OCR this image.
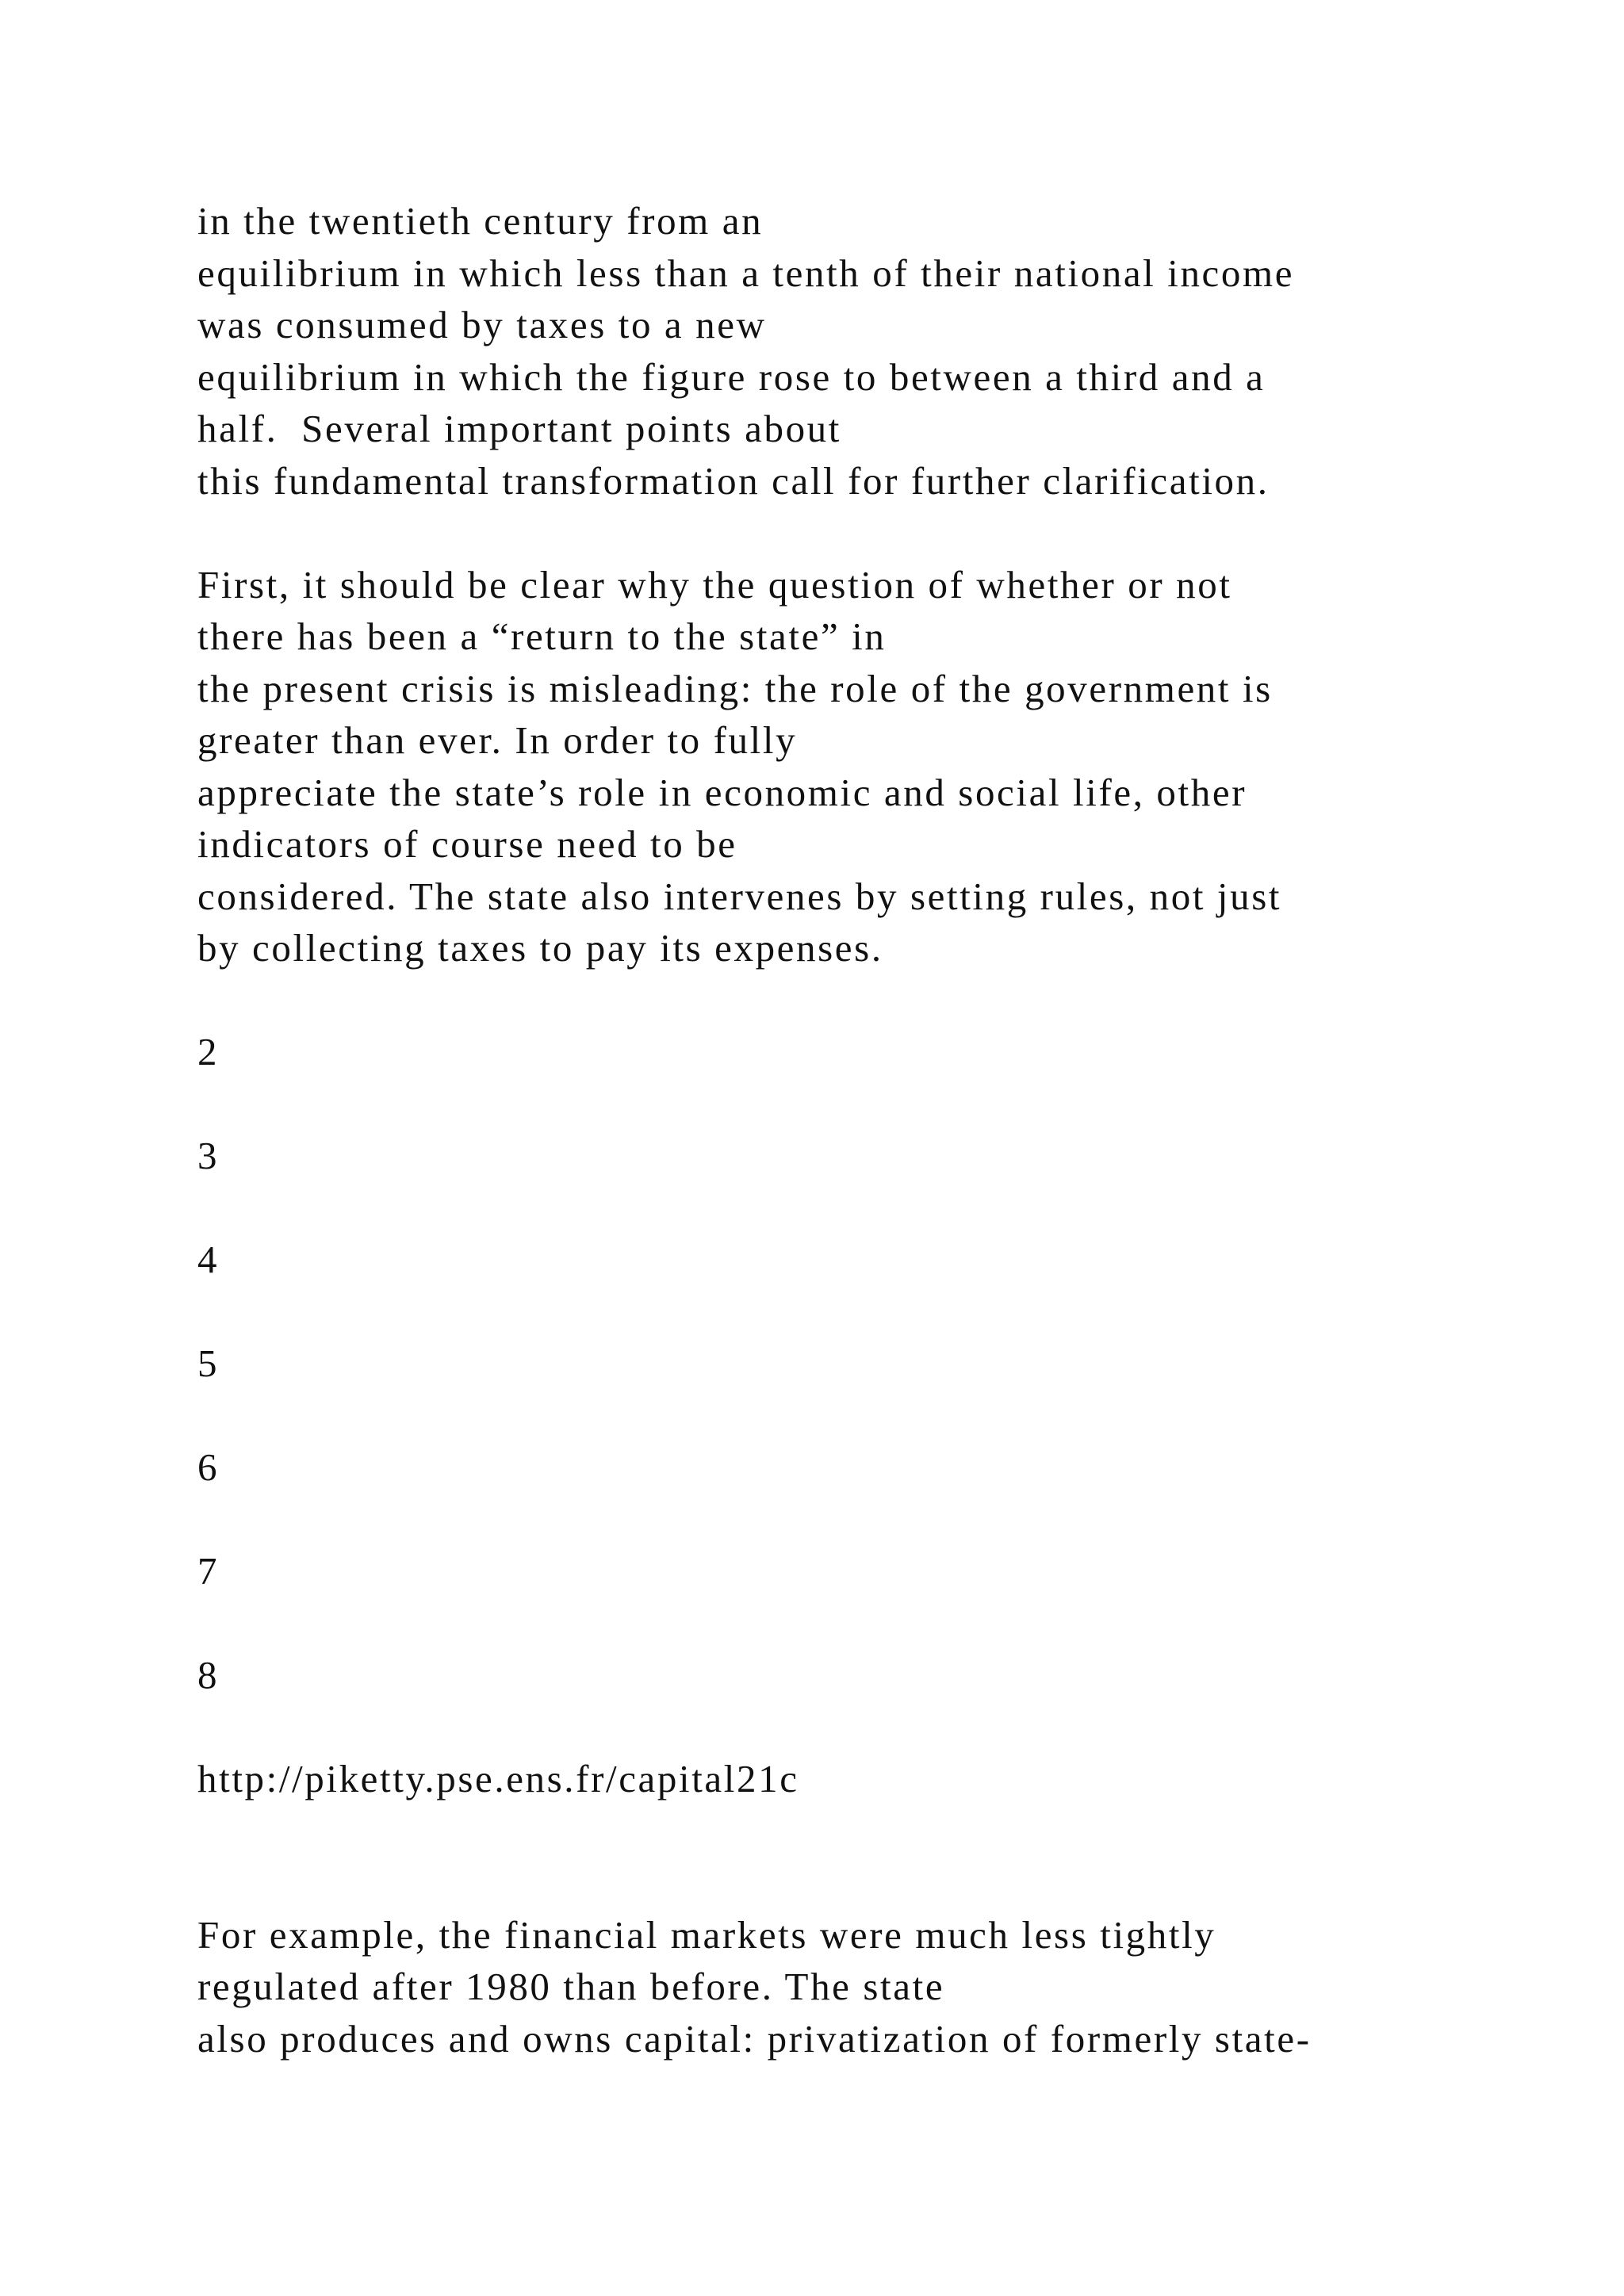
in the twentieth century from an
equilibrium in which less than a tenth of their national income
was consumed by taxes to a new
equilibrium in which the figure rose to between a third and a
half.  Several important points about
this fundamental transformation call for further clarification.
First, it should be clear why the question of whether or not
there has been a “return to the state” in
the present crisis is misleading: the role of the government is
greater than ever. In order to fully
appreciate the state’s role in economic and social life, other
indicators of course need to be
considered. The state also intervenes by setting rules, not just
by collecting taxes to pay its expenses.
2
3
4
5
6
7
8
http://piketty.pse.ens.fr/capital21c
For example, the financial markets were much less tightly
regulated after 1980 than before. The state
also produces and owns capital: privatization of formerly state-
